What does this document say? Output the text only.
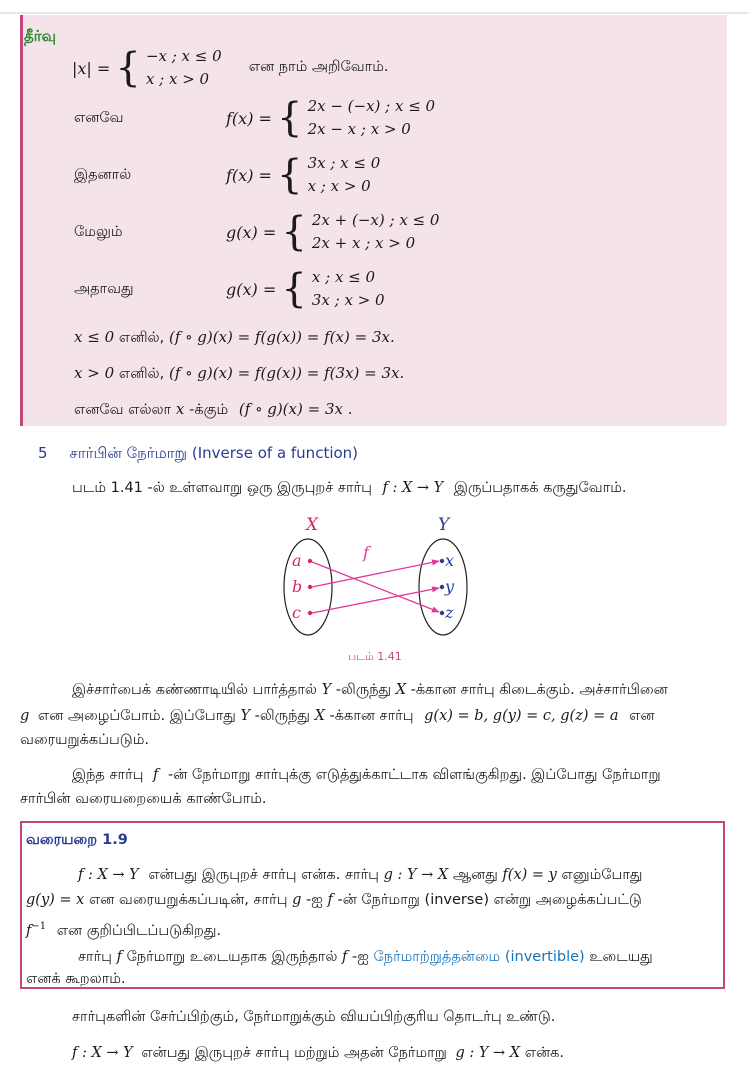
தீர்வு
|x| = { −x ; x ≤ 0
x ; x > 0 என நாம் அறிவோம்.
எனவே	f(x) = { 2x − (−x) ; x ≤ 0
2x − x ; x > 0
இதனால்	f(x) = { 3x ; x ≤ 0
x ; x > 0
மேலும்	g(x) = { 2x + (−x) ; x ≤ 0
2x + x ; x > 0
அதாவது	g(x) = { x ; x ≤ 0
3x ; x > 0
x ≤ 0 எனில், (f ∘ g)(x) = f(g(x)) = f(x) = 3x.
x > 0 எனில், (f ∘ g)(x) = f(g(x)) = f(3x) = 3x.
எனவே எல்லா x -க்கும் (f ∘ g)(x) = 3x .
5 சார்பின் நேர்மாறு (Inverse of a function)
படம் 1.41 -ல் உள்ளவாறு ஒரு இருபுறச் சார்பு f : X → Y இருப்பதாகக் கருதுவோம்.
X	Y
f
a
b
c
x
y
z
படம் 1.41
இச்சார்பைக் கண்ணாடியில் பார்த்தால் Y -லிருந்து X -க்கான சார்பு கிடைக்கும். அச்சார்பினை
g என அழைப்போம். இப்போது Y -லிருந்து X -க்கான சார்பு g(x) = b, g(y) = c, g(z) = a என
வரையறுக்கப்படும்.
இந்த சார்பு f -ன் நேர்மாறு சார்புக்கு எடுத்துக்காட்டாக விளங்குகிறது. இப்போது நேர்மாறு
சார்பின் வரையறையைக் காண்போம்.
வரையறை 1.9
f : X → Y என்பது இருபுறச் சார்பு என்க. சார்பு g : Y → X ஆனது f(x) = y எனும்போது
g(y) = x என வரையறுக்கப்படின், சார்பு g -ஐ f -ன் நேர்மாறு (inverse) என்று அழைக்கப்பட்டு
$f^{-1}$ என குறிப்பிடப்படுகிறது.
சார்பு f நேர்மாறு உடையதாக இருந்தால் f -ஐ நேர்மாற்றுத்தன்மை (invertible) உடையது
எனக் கூறலாம்.
சார்புகளின் சேர்ப்பிற்கும், நேர்மாறுக்கும் வியப்பிற்குரிய தொடர்பு உண்டு.
f : X → Y என்பது இருபுறச் சார்பு மற்றும் அதன் நேர்மாறு g : Y → X என்க.
